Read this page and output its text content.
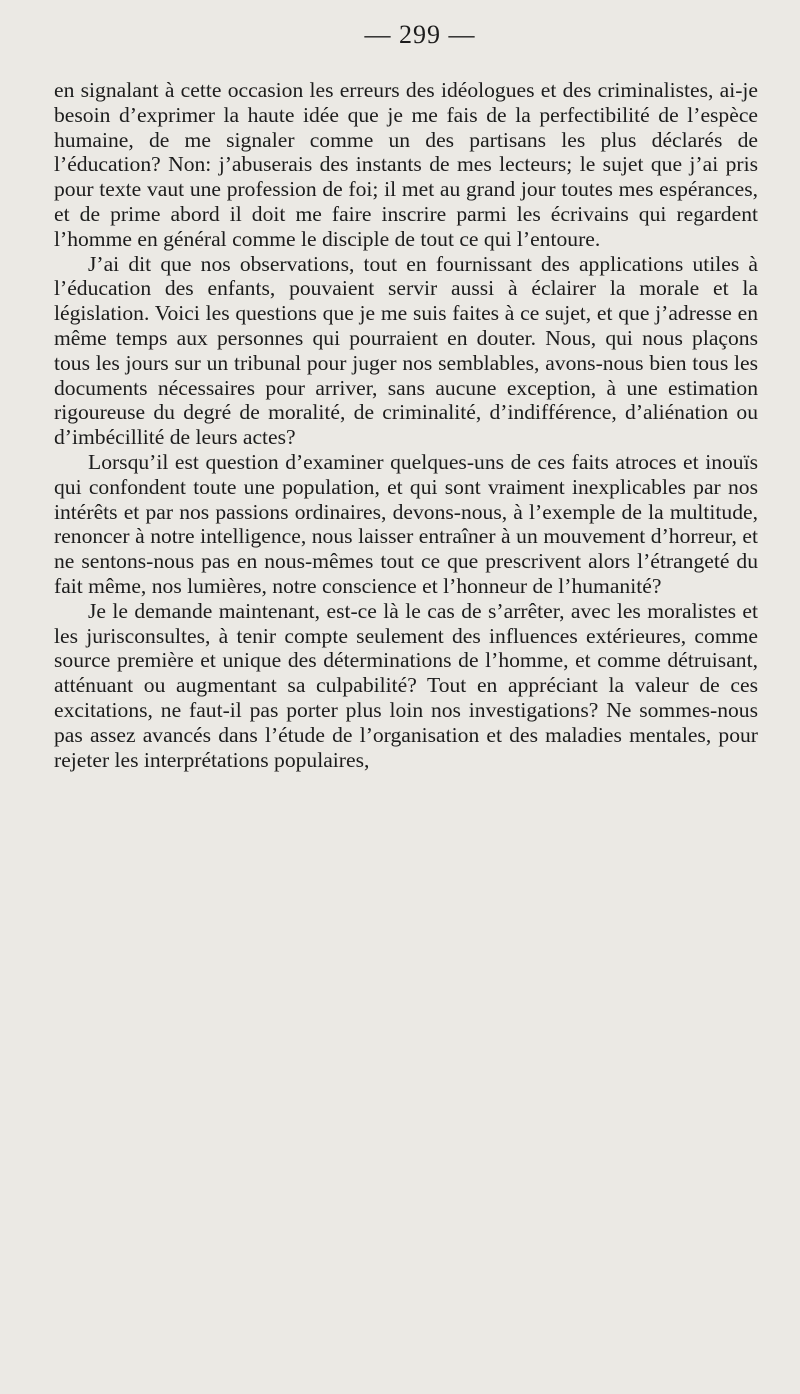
— 299 —

en signalant à cette occasion les erreurs des idéologues et des criminalistes, ai-je besoin d’exprimer la haute idée que je me fais de la perfectibilité de l’espèce humaine, de me signaler comme un des partisans les plus déclarés de l’éducation? Non: j’abuserais des instants de mes lecteurs; le sujet que j’ai pris pour texte vaut une profession de foi; il met au grand jour toutes mes espérances, et de prime abord il doit me faire inscrire parmi les écrivains qui regardent l’homme en général comme le disciple de tout ce qui l’entoure.

J’ai dit que nos observations, tout en fournissant des applications utiles à l’éducation des enfants, pouvaient servir aussi à éclairer la morale et la législation. Voici les questions que je me suis faites à ce sujet, et que j’adresse en même temps aux personnes qui pourraient en douter. Nous, qui nous plaçons tous les jours sur un tribunal pour juger nos semblables, avons-nous bien tous les documents nécessaires pour arriver, sans aucune exception, à une estimation rigoureuse du degré de moralité, de criminalité, d’indifférence, d’aliénation ou d’imbécillité de leurs actes?

Lorsqu’il est question d’examiner quelques-uns de ces faits atroces et inouïs qui confondent toute une population, et qui sont vraiment inexplicables par nos intérêts et par nos passions ordinaires, devons-nous, à l’exemple de la multitude, renoncer à notre intelligence, nous laisser entraîner à un mouvement d’horreur, et ne sentons-nous pas en nous-mêmes tout ce que prescrivent alors l’étrangeté du fait même, nos lumières, notre conscience et l’honneur de l’humanité?

Je le demande maintenant, est-ce là le cas de s’arrêter, avec les moralistes et les jurisconsultes, à tenir compte seulement des influences extérieures, comme source première et unique des déterminations de l’homme, et comme détruisant, atténuant ou augmentant sa culpabilité? Tout en appréciant la valeur de ces excitations, ne faut-il pas porter plus loin nos investigations? Ne sommes-nous pas assez avancés dans l’étude de l’organisation et des maladies mentales, pour rejeter les interprétations populaires,
